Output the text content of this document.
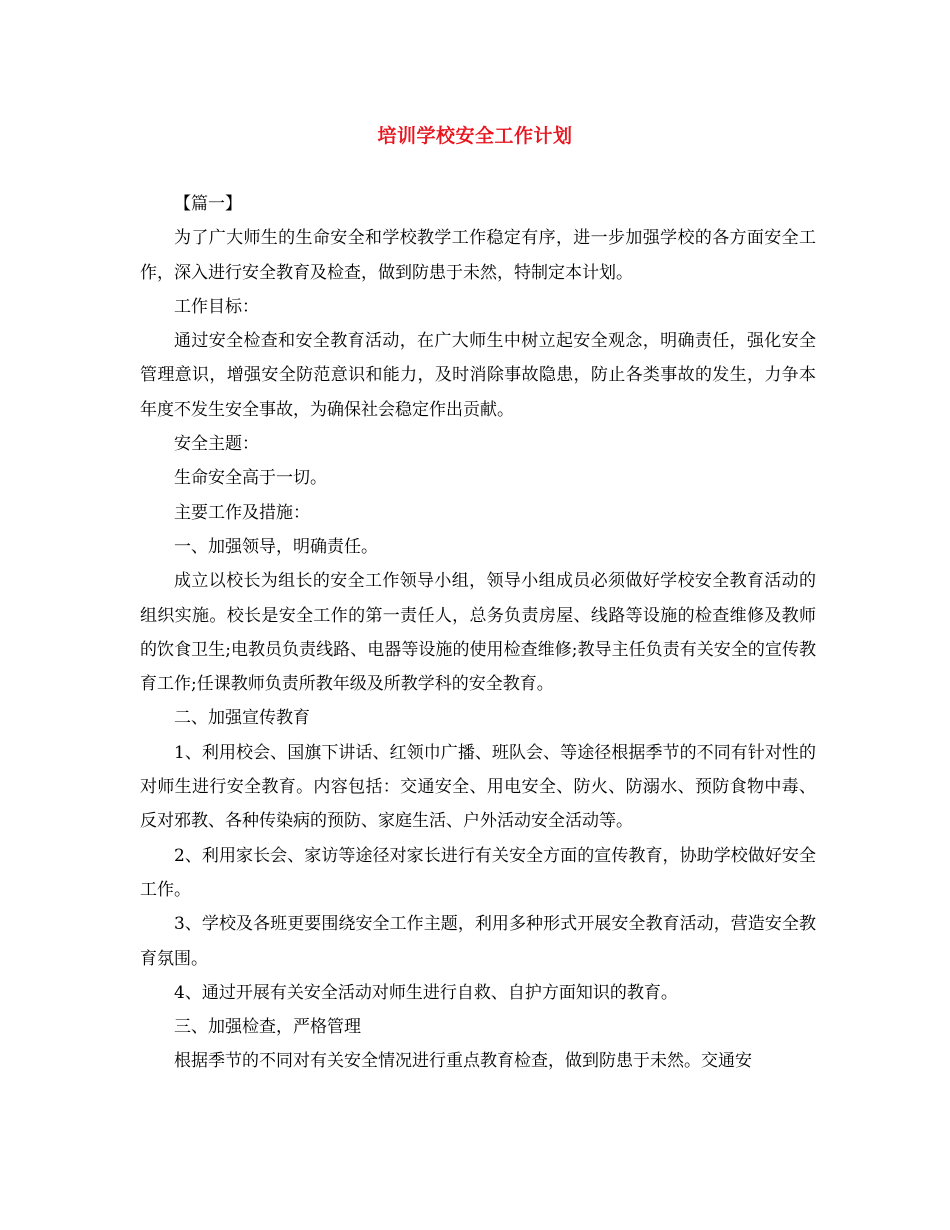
培训学校安全工作计划

【篇一】

为了广大师生的生命安全和学校教学工作稳定有序，进一步加强学校的各方面安全工作，深入进行安全教育及检查，做到防患于未然，特制定本计划。

工作目标：

通过安全检查和安全教育活动，在广大师生中树立起安全观念，明确责任，强化安全管理意识，增强安全防范意识和能力，及时消除事故隐患，防止各类事故的发生，力争本年度不发生安全事故，为确保社会稳定作出贡献。

安全主题：

生命安全高于一切。

主要工作及措施：

一、加强领导，明确责任。

成立以校长为组长的安全工作领导小组，领导小组成员必须做好学校安全教育活动的组织实施。校长是安全工作的第一责任人，总务负责房屋、线路等设施的检查维修及教师的饮食卫生;电教员负责线路、电器等设施的使用检查维修;教导主任负责有关安全的宣传教育工作;任课教师负责所教年级及所教学科的安全教育。

二、加强宣传教育

1、利用校会、国旗下讲话、红领巾广播、班队会、等途径根据季节的不同有针对性的对师生进行安全教育。内容包括：交通安全、用电安全、防火、防溺水、预防食物中毒、反对邪教、各种传染病的预防、家庭生活、户外活动安全活动等。

2、利用家长会、家访等途径对家长进行有关安全方面的宣传教育，协助学校做好安全工作。

3、学校及各班更要围绕安全工作主题，利用多种形式开展安全教育活动，营造安全教育氛围。

4、通过开展有关安全活动对师生进行自救、自护方面知识的教育。

三、加强检查，严格管理

根据季节的不同对有关安全情况进行重点教育检查，做到防患于未然。交通安
